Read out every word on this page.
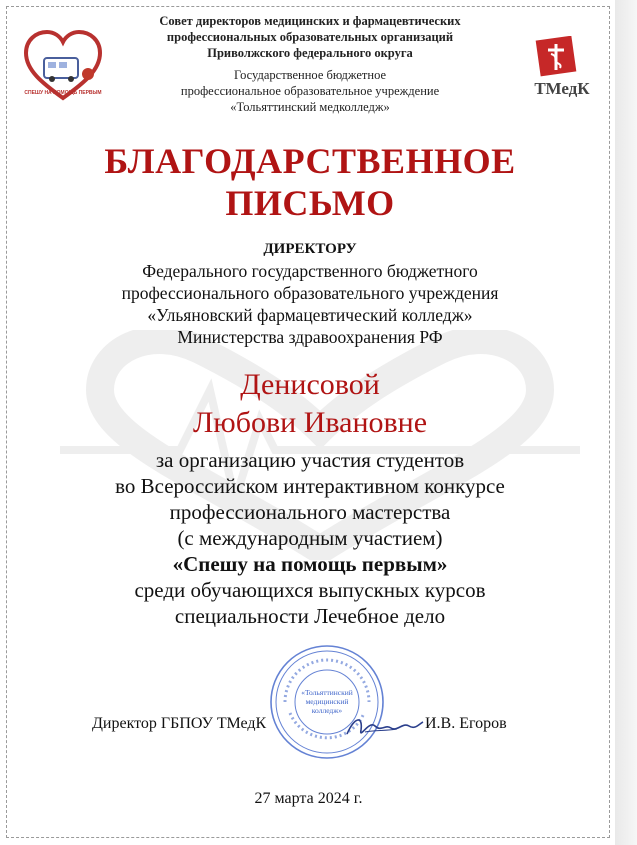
СПЕШУ НА ПОМОЩЬ ПЕРВЫМ	ТМедК
Совет директоров медицинских и фармацевтических
профессиональных образовательных организаций
Приволжского федерального округа
Государственное бюджетное
профессиональное образовательное учреждение
«Тольяттинский медколледж»
БЛАГОДАРСТВЕННОЕ
ПИСЬМО
ДИРЕКТОРУ
Федерального государственного бюджетного
профессионального образовательного учреждения
«Ульяновский фармацевтический колледж»
Министерства здравоохранения РФ
Денисовой
Любови Ивановне
за организацию участия студентов
во Всероссийском интерактивном конкурсе
профессионального мастерства
(с международным участием)
«Спешу на помощь первым»
среди обучающихся выпускных курсов
специальности Лечебное дело
«Тольяттинский
медицинский
колледж»
Директор ГБПОУ ТМедК	И.В. Егоров
27 марта 2024 г.
